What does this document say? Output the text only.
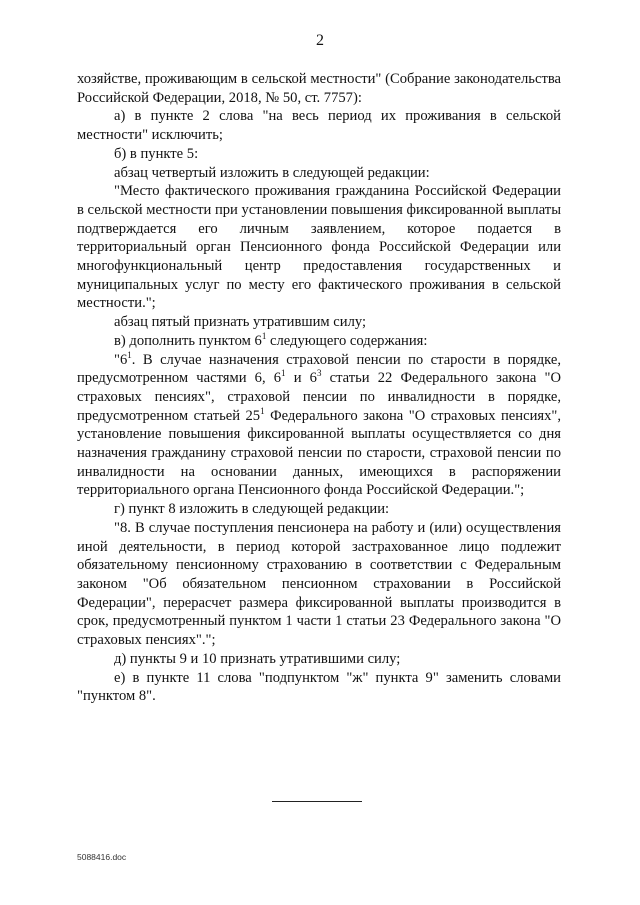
2

хозяйстве, проживающим в сельской местности" (Собрание законодательства Российской Федерации, 2018, № 50, ст. 7757):

а) в пункте 2 слова "на весь период их проживания в сельской местности" исключить;

б) в пункте 5:

абзац четвертый изложить в следующей редакции:

"Место фактического проживания гражданина Российской Федерации в сельской местности при установлении повышения фиксированной выплаты подтверждается его личным заявлением, которое подается в территориальный орган Пенсионного фонда Российской Федерации или многофункциональный центр предоставления государственных и муниципальных услуг по месту его фактического проживания в сельской местности.";

абзац пятый признать утратившим силу;

в) дополнить пунктом $6^1$ следующего содержания:

"$6^1$. В случае назначения страховой пенсии по старости в порядке, предусмотренном частями 6, $6^1$ и $6^3$ статьи 22 Федерального закона "О страховых пенсиях", страховой пенсии по инвалидности в порядке, предусмотренном статьей $25^1$ Федерального закона "О страховых пенсиях", установление повышения фиксированной выплаты осуществляется со дня назначения гражданину страховой пенсии по старости, страховой пенсии по инвалидности на основании данных, имеющихся в распоряжении территориального органа Пенсионного фонда Российской Федерации.";

г) пункт 8 изложить в следующей редакции:

"8. В случае поступления пенсионера на работу и (или) осуществления иной деятельности, в период которой застрахованное лицо подлежит обязательному пенсионному страхованию в соответствии с Федеральным законом "Об обязательном пенсионном страховании в Российской Федерации", перерасчет размера фиксированной выплаты производится в срок, предусмотренный пунктом 1 части 1 статьи 23 Федерального закона "О страховых пенсиях".";

д) пункты 9 и 10 признать утратившими силу;

е) в пункте 11 слова "подпунктом "ж" пункта 9" заменить словами "пунктом 8".

5088416.doc
